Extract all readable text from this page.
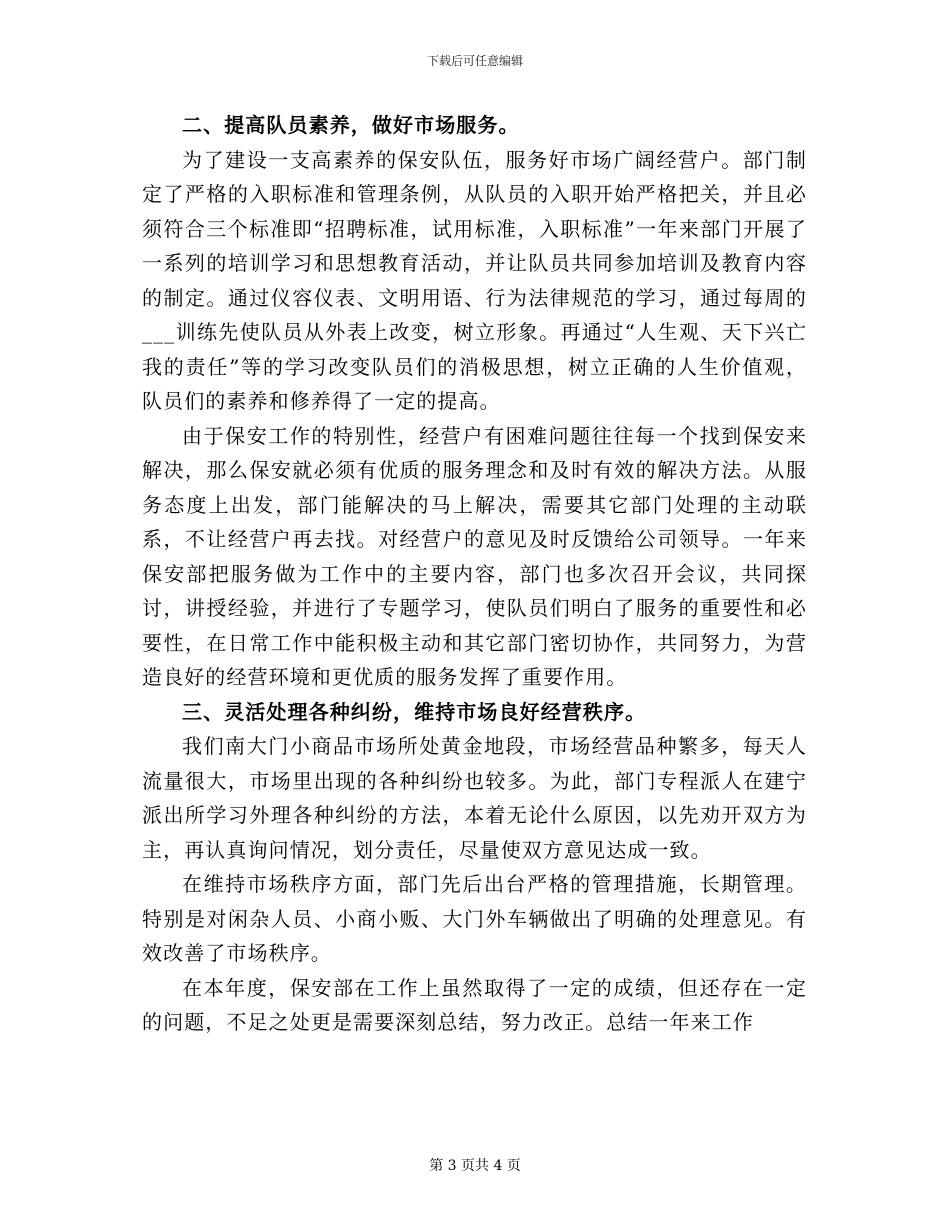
下载后可任意编辑

二、提高队员素养，做好市场服务。

为了建设一支高素养的保安队伍，服务好市场广阔经营户。部门制定了严格的入职标准和管理条例，从队员的入职开始严格把关，并且必须符合三个标准即“招聘标准，试用标准，入职标准”一年来部门开展了一系列的培训学习和思想教育活动，并让队员共同参加培训及教育内容的制定。通过仪容仪表、文明用语、行为法律规范的学习，通过每周的___训练先使队员从外表上改变，树立形象。再通过“人生观、天下兴亡我的责任”等的学习改变队员们的消极思想，树立正确的人生价值观，队员们的素养和修养得了一定的提高。

由于保安工作的特别性，经营户有困难问题往往每一个找到保安来解决，那么保安就必须有优质的服务理念和及时有效的解决方法。从服务态度上出发，部门能解决的马上解决，需要其它部门处理的主动联系，不让经营户再去找。对经营户的意见及时反馈给公司领导。一年来保安部把服务做为工作中的主要内容，部门也多次召开会议，共同探讨，讲授经验，并进行了专题学习，使队员们明白了服务的重要性和必要性，在日常工作中能积极主动和其它部门密切协作，共同努力，为营造良好的经营环境和更优质的服务发挥了重要作用。

三、灵活处理各种纠纷，维持市场良好经营秩序。

我们南大门小商品市场所处黄金地段，市场经营品种繁多，每天人流量很大，市场里出现的各种纠纷也较多。为此，部门专程派人在建宁派出所学习外理各种纠纷的方法，本着无论什么原因，以先劝开双方为主，再认真询问情况，划分责任，尽量使双方意见达成一致。

在维持市场秩序方面，部门先后出台严格的管理措施，长期管理。特别是对闲杂人员、小商小贩、大门外车辆做出了明确的处理意见。有效改善了市场秩序。

在本年度，保安部在工作上虽然取得了一定的成绩，但还存在一定的问题，不足之处更是需要深刻总结，努力改正。总结一年来工作

第 3 页共 4 页
